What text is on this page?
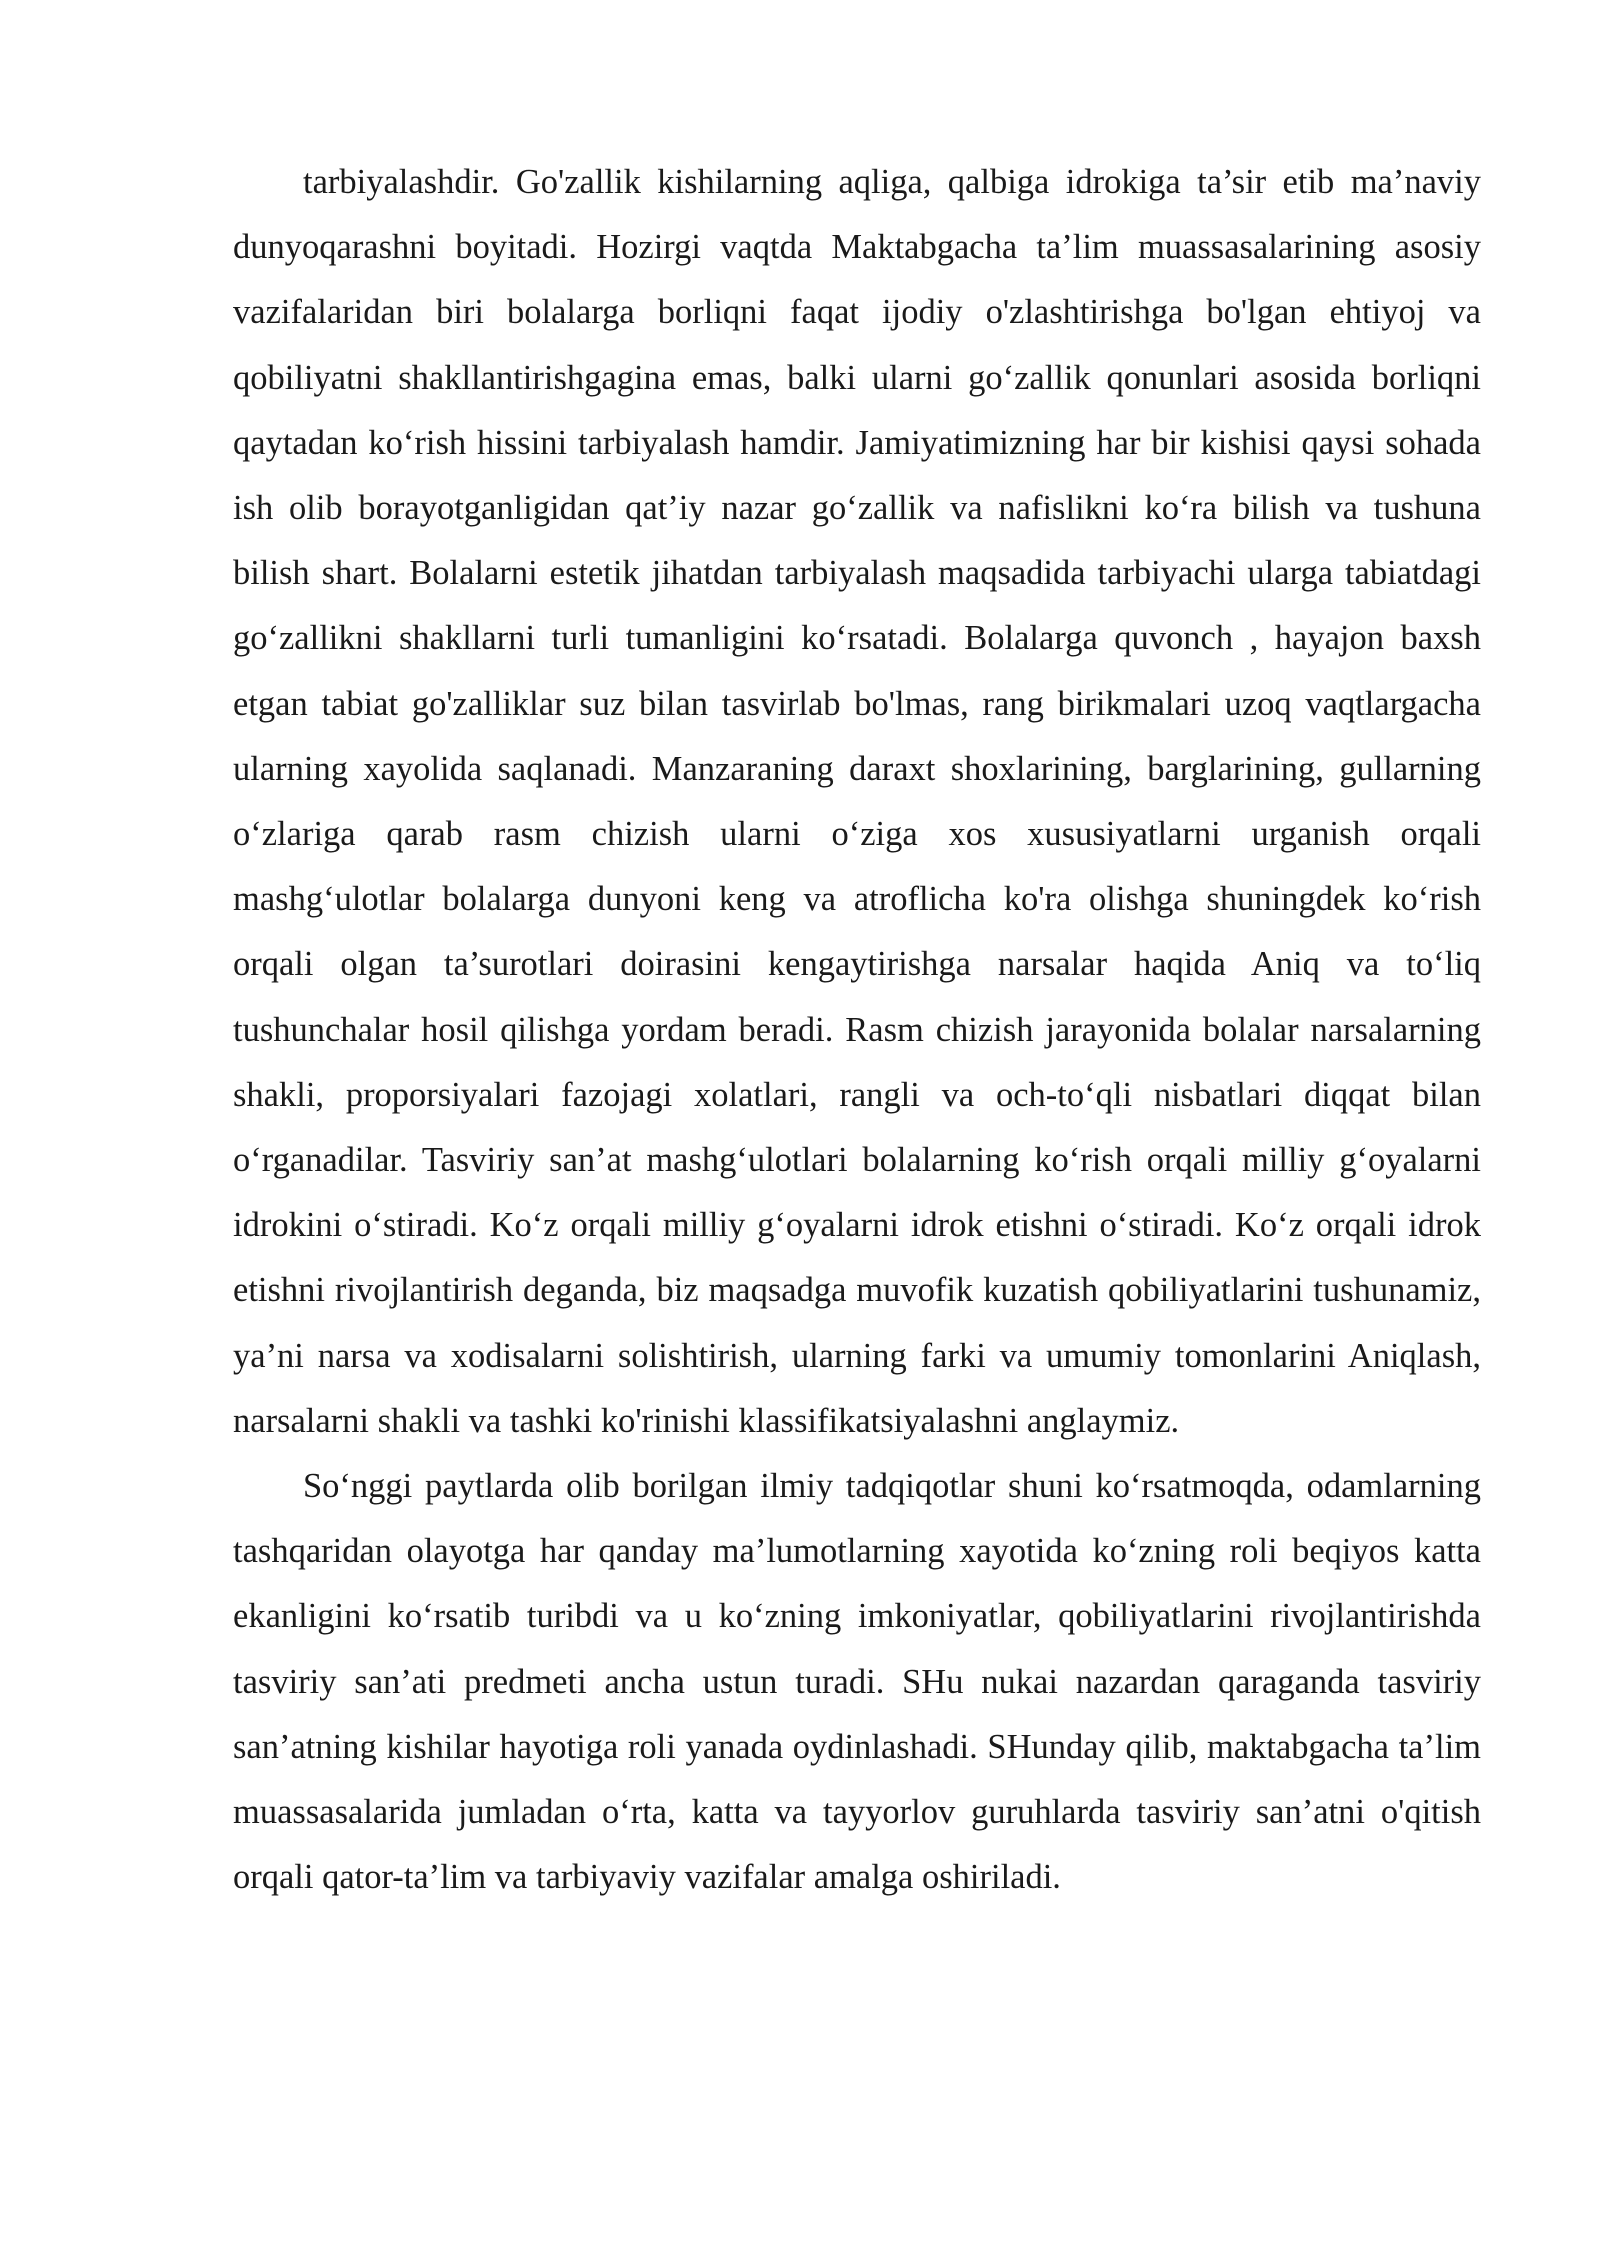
tarbiyalashdir. Go'zallik kishilarning aqliga, qalbiga idrokiga ta’sir etib ma’naviy dunyoqarashni boyitadi. Hozirgi vaqtda Maktabgacha ta’lim muassasalarining asosiy vazifalaridan biri bolalarga borliqni faqat ijodiy o'zlashtirishga bo'lgan ehtiyoj va qobiliyatni shakllantirishgagina emas, balki ularni go‘zallik qonunlari asosida borliqni qaytadan ko‘rish hissini tarbiyalash hamdir. Jamiyatimizning har bir kishisi qaysi sohada ish olib borayotganligidan qat’iy nazar go‘zallik va nafislikni ko‘ra bilish va tushuna bilish shart. Bolalarni estetik jihatdan tarbiyalash maqsadida tarbiyachi ularga tabiatdagi go‘zallikni shakllarni turli tumanligini ko‘rsatadi. Bolalarga quvonch , hayajon baxsh etgan tabiat go'zalliklar suz bilan tasvirlab bo'lmas, rang birikmalari uzoq vaqtlargacha ularning xayolida saqlanadi. Manzaraning daraxt shoxlarining, barglarining, gullarning o‘zlariga qarab rasm chizish ularni o‘ziga xos xususiyatlarni urganish orqali mashg‘ulotlar bolalarga dunyoni keng va atroflicha ko'ra olishga shuningdek ko‘rish orqali olgan ta’surotlari doirasini kengaytirishga narsalar haqida Aniq va to‘liq tushunchalar hosil qilishga yordam beradi. Rasm chizish jarayonida bolalar narsalarning shakli, proporsiyalari fazojagi xolatlari, rangli va och-to‘qli nisbatlari diqqat bilan o‘rganadilar. Tasviriy san’at mashg‘ulotlari bolalarning ko‘rish orqali milliy g‘oyalarni idrokini o‘stiradi. Ko‘z orqali milliy g‘oyalarni idrok etishni o‘stiradi. Ko‘z orqali idrok etishni rivojlantirish deganda, biz maqsadga muvofik kuzatish qobiliyatlarini tushunamiz, ya’ni narsa va xodisalarni solishtirish, ularning farki va umumiy tomonlarini Aniqlash, narsalarni shakli va tashki ko'rinishi klassifikatsiyalashni anglaymiz.

So‘nggi paytlarda olib borilgan ilmiy tadqiqotlar shuni ko‘rsatmoqda, odamlarning tashqaridan olayotga har qanday ma’lumotlarning xayotida ko‘zning roli beqiyos katta ekanligini ko‘rsatib turibdi va u ko‘zning imkoniyatlar, qobiliyatlarini rivojlantirishda tasviriy san’ati predmeti ancha ustun turadi. SHu nukai nazardan qaraganda tasviriy san’atning kishilar hayotiga roli yanada oydinlashadi. SHunday qilib, maktabgacha ta’lim muassasalarida jumladan o‘rta, katta va tayyorlov guruhlarda tasviriy san’atni o'qitish orqali qator-ta’lim va tarbiyaviy vazifalar amalga oshiriladi.
